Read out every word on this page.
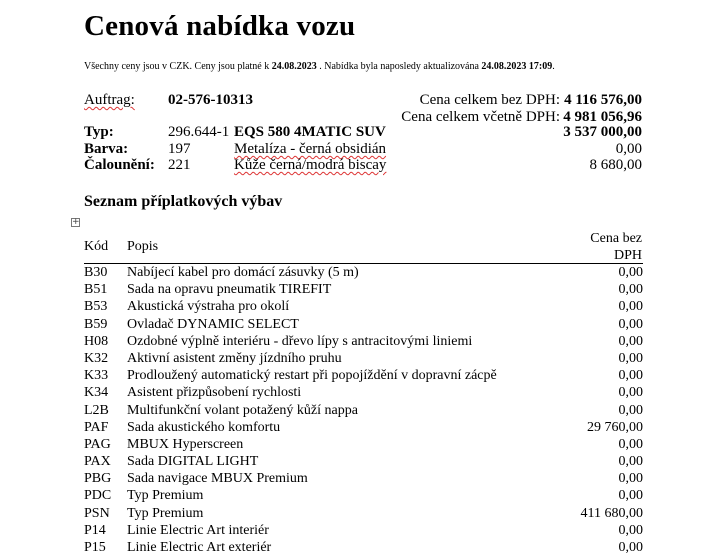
Cenová nabídka vozu
Všechny ceny jsou v CZK. Ceny jsou platné k 24.08.2023 . Nabídka byla naposledy aktualizována 24.08.2023 17:09.
Auftrag: 02-576-10313	Cena celkem bez DPH: 4 116 576,00
Cena celkem včetně DPH: 4 981 056,96
Typ:	296.644-1 EQS 580 4MATIC SUV	3 537 000,00
Barva:	197	Metalíza - černá obsidián	0,00
Čalounění: 221	Kůže černá/modrá biscay	8 680,00
Seznam příplatkových výbav
+
Kód Popis
Cena bez
DPH
B30	Nabíjecí kabel pro domácí zásuvky (5 m)	0,00
B51	Sada na opravu pneumatik TIREFIT	0,00
B53	Akustická výstraha pro okolí	0,00
B59	Ovladač DYNAMIC SELECT	0,00
H08	Ozdobné výplně interiéru - dřevo lípy s antracitovými liniemi	0,00
K32	Aktivní asistent změny jízdního pruhu	0,00
K33	Prodloužený automatický restart při popojíždění v dopravní zácpě	0,00
K34	Asistent přizpůsobení rychlosti	0,00
L2B	Multifunkční volant potažený kůží nappa	0,00
PAF	Sada akustického komfortu	29 760,00
PAG	MBUX Hyperscreen	0,00
PAX	Sada DIGITAL LIGHT	0,00
PBG	Sada navigace MBUX Premium	0,00
PDC	Typ Premium	0,00
PSN	Typ Premium	411 680,00
P14	Linie Electric Art interiér	0,00
P15	Linie Electric Art exteriér	0,00
